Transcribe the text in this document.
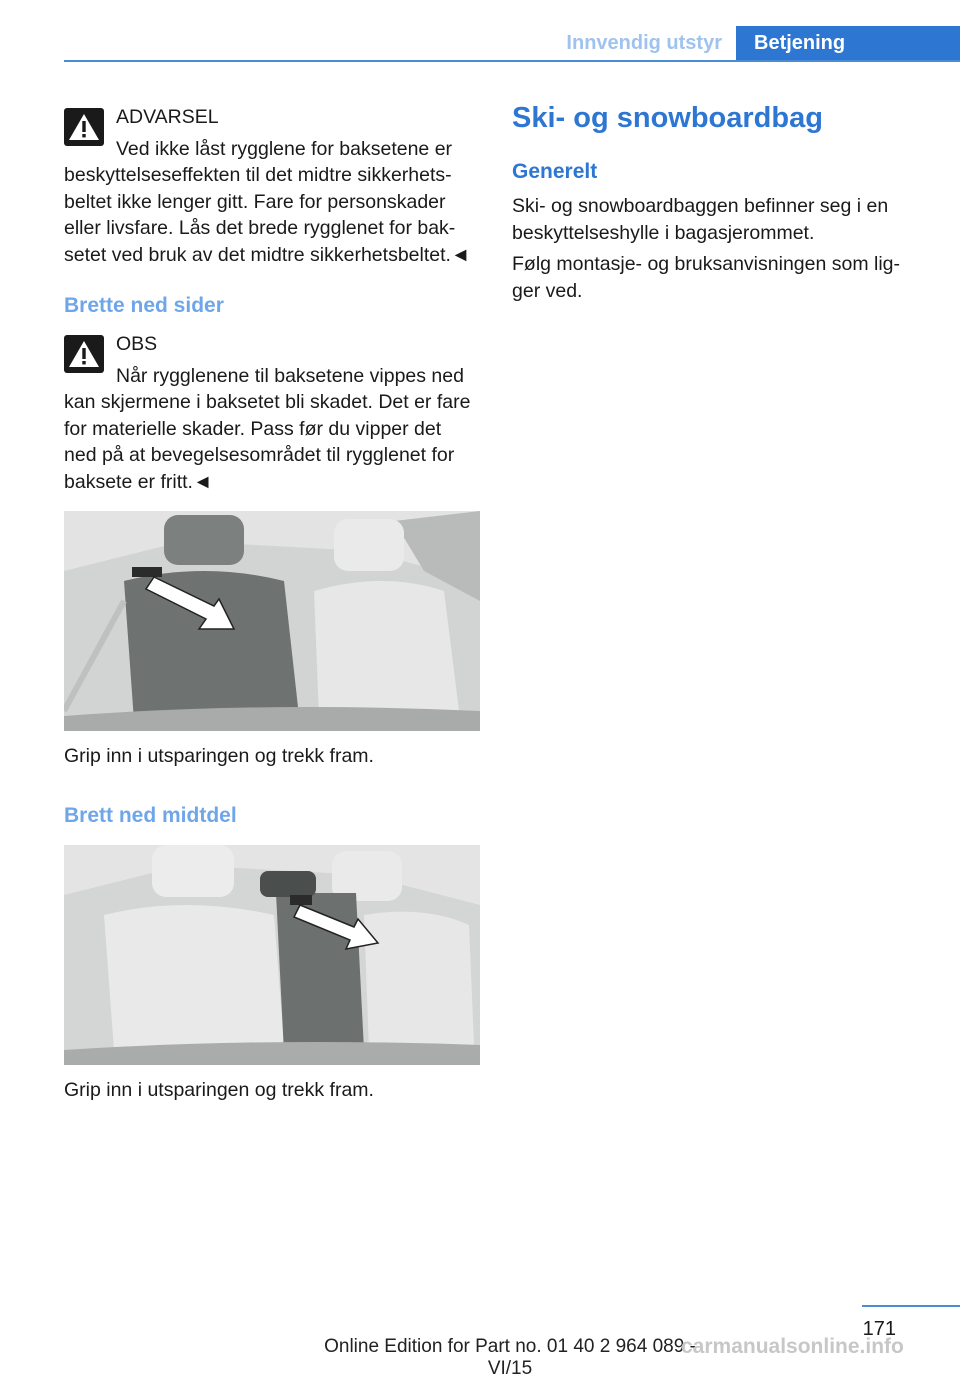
Innvendig utstyr	Betjening
ADVARSEL
Ved ikke låst rygglene for baksetene er
beskyttelseseffekten til det midtre sikkerhets-beltet ikke lenger gitt. Fare for personskader eller livsfare. Lås det brede rygglenet for bak-setet ved bruk av det midtre sikkerhetsbeltet.◄
Brette ned sider
OBS
Når rygglenene til baksetene vippes ned
kan skjermene i baksetet bli skadet. Det er fare for materielle skader. Pass før du vipper det ned på at bevegelsesområdet til rygglenet for baksete er fritt.◄
Grip inn i utsparingen og trekk fram.
Brett ned midtdel
Grip inn i utsparingen og trekk fram.
Ski- og snowboardbag
Generelt
Ski- og snowboardbaggen befinner seg i en beskyttelseshylle i bagasjerommet.
Følg montasje- og bruksanvisningen som lig-ger ved.
171
Online Edition for Part no. 01 40 2 964 089 - VI/15
carmanualsonline.info
